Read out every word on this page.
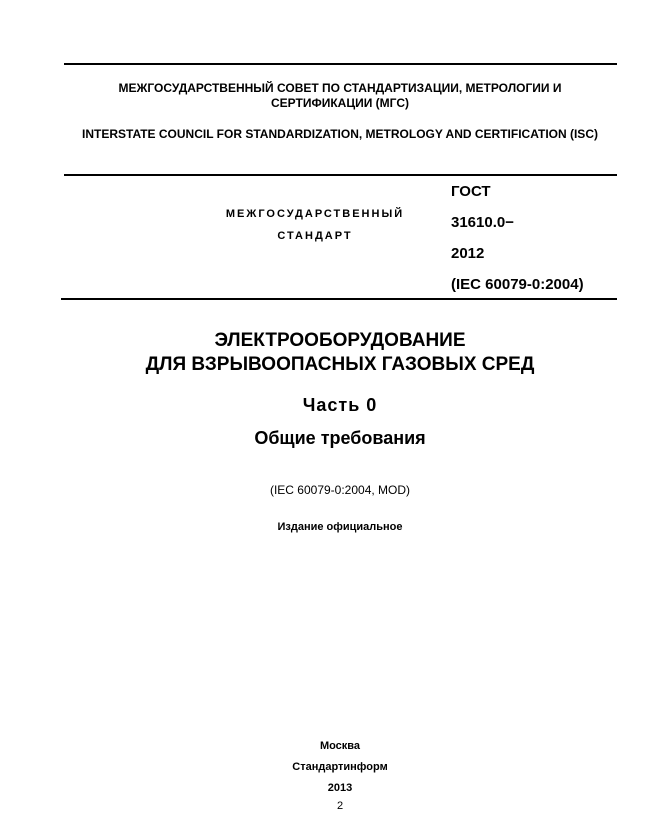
МЕЖГОСУДАРСТВЕННЫЙ СОВЕТ ПО СТАНДАРТИЗАЦИИ, МЕТРОЛОГИИ И СЕРТИФИКАЦИИ (МГС)
INTERSTATE COUNCIL FOR STANDARDIZATION, METROLOGY AND CERTIFICATION (ISC)
МЕЖГОСУДАРСТВЕННЫЙ
СТАНДАРТ
ГОСТ
31610.0−
2012
(IEC 60079-0:2004)
ЭЛЕКТРООБОРУДОВАНИЕ
ДЛЯ ВЗРЫВООПАСНЫХ ГАЗОВЫХ СРЕД
Часть 0
Общие требования
(IEC 60079-0:2004, MOD)
Издание официальное
Москва
Стандартинформ
2013
2
